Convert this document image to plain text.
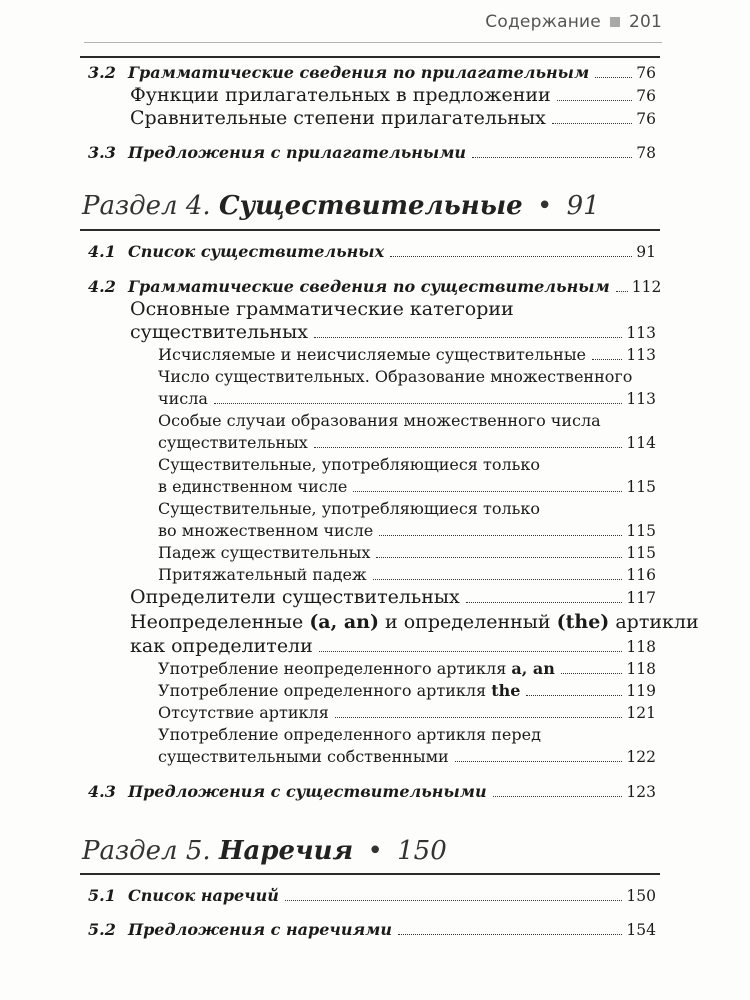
Содержание 201
3.2 Грамматические сведения по прилагательным	76
Функции прилагательных в предложении	76
Сравнительные степени прилагательных	76
3.3 Предложения с прилагательными	78
Раздел 4. Существительные • 91
4.1 Список существительных	91
4.2 Грамматические сведения по существительным 112
Основные грамматические категории
существительных	113
Исчисляемые и неисчисляемые существительные	113
Число существительных. Образование множественного
числа	113
Особые случаи образования множественного числа
существительных	114
Существительные, употребляющиеся только
в единственном числе	115
Существительные, употребляющиеся только
во множественном числе	115
Падеж существительных	115
Притяжательный падеж	116
Определители существительных	117
Неопределенные (a, an) и определенный (the) артикли
как определители	118
Употребление неопределенного артикля a, an	118
Употребление определенного артикля the	119
Отсутствие артикля	121
Употребление определенного артикля перед
существительными собственными	122
4.3 Предложения с существительными	123
Раздел 5. Наречия • 150
5.1 Список наречий	150
5.2 Предложения с наречиями	154
